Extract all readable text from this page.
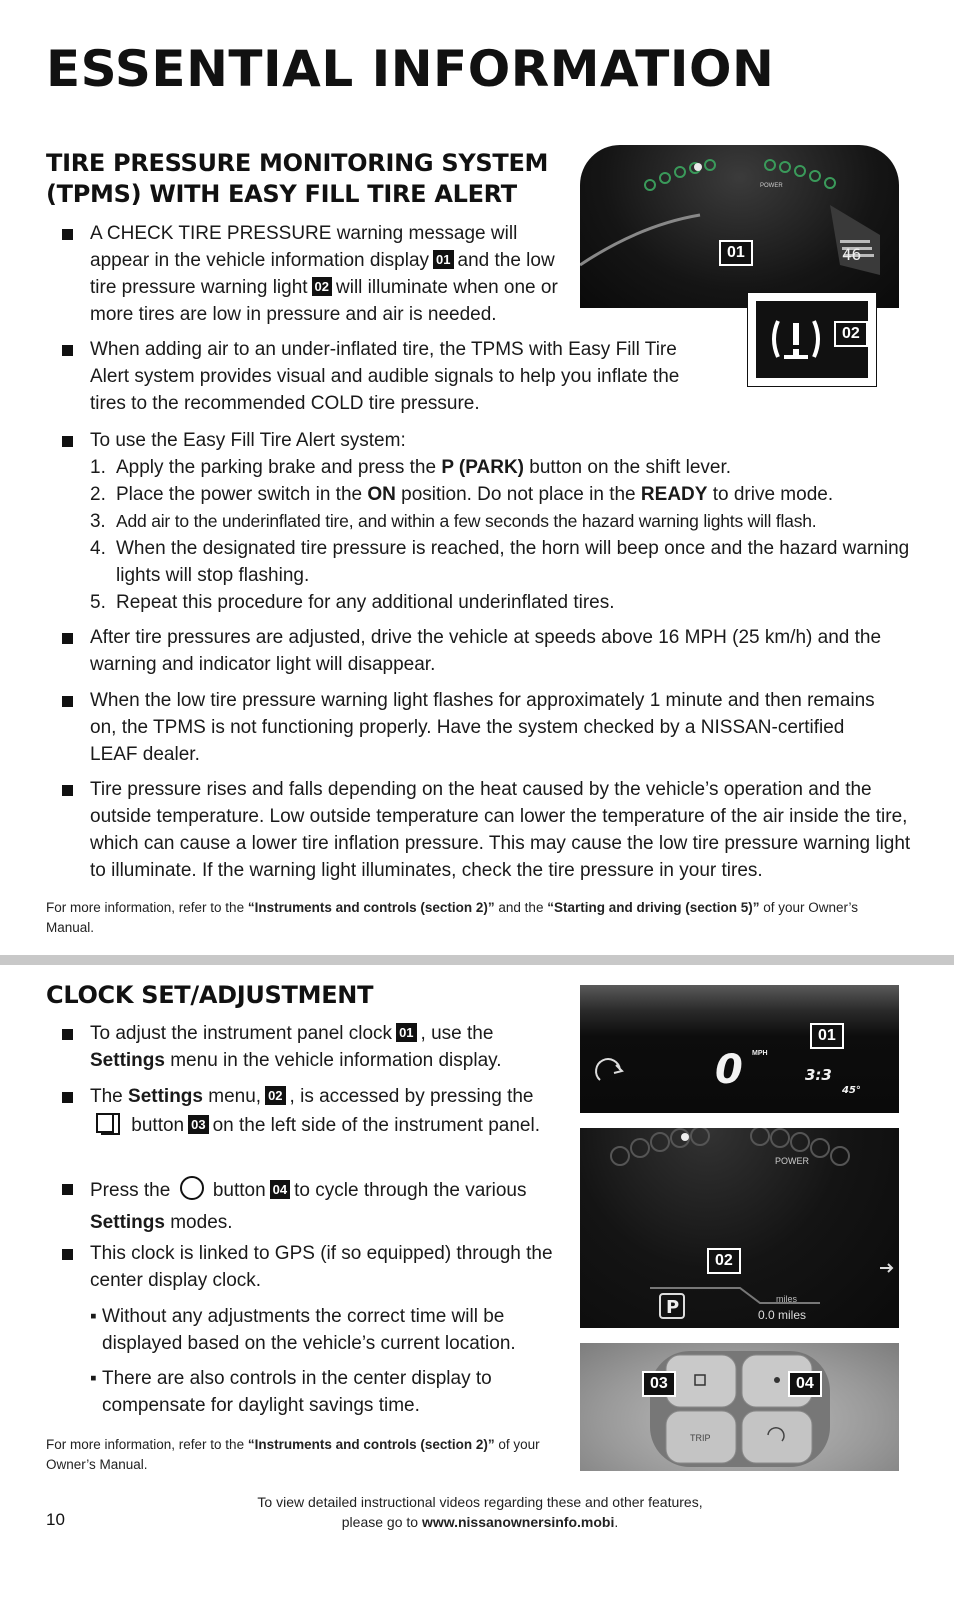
ESSENTIAL INFORMATION
TIRE PRESSURE MONITORING SYSTEM
(TPMS) WITH EASY FILL TIRE ALERT
A CHECK TIRE PRESSURE warning message will appear in the vehicle information display 01 and the low tire pressure warning light 02 will illuminate when one or more tires are low in pressure and air is needed.
When adding air to an under-inflated tire, the TPMS with Easy Fill Tire Alert system provides visual and audible signals to help you inflate the tires to the recommended COLD tire pressure.
To use the Easy Fill Tire Alert system:
1. Apply the parking brake and press the P (PARK) button on the shift lever.
2. Place the power switch in the ON position. Do not place in the READY to drive mode.
3. Add air to the underinflated tire, and within a few seconds the hazard warning lights will flash.
4. When the designated tire pressure is reached, the horn will beep once and the hazard warning lights will stop flashing.
5. Repeat this procedure for any additional underinflated tires.
After tire pressures are adjusted, drive the vehicle at speeds above 16 MPH (25 km/h) and the warning and indicator light will disappear.
When the low tire pressure warning light flashes for approximately 1 minute and then remains on, the TPMS is not functioning properly. Have the system checked by a NISSAN-certified LEAF dealer.
Tire pressure rises and falls depending on the heat caused by the vehicle’s operation and the outside temperature. Low outside temperature can lower the temperature of the air inside the tire, which can cause a lower tire inflation pressure. This may cause the low tire pressure warning light to illuminate. If the warning light illuminates, check the tire pressure in your tires.
For more information, refer to the “Instruments and controls (section 2)” and the “Starting and driving (section 5)” of your Owner’s Manual.
POWER
46
01
02
CLOCK SET/ADJUSTMENT
To adjust the instrument panel clock 01 , use the Settings menu in the vehicle information display.
The Settings menu, 02 , is accessed by pressing the  button 03 on the left side of the instrument panel.
Press the button 04 to cycle through the various Settings modes.
This clock is linked to GPS (if so equipped) through the center display clock.
▪ Without any adjustments the correct time will be displayed based on the vehicle’s current location.
▪ There are also controls in the center display to compensate for daylight savings time.
For more information, refer to the “Instruments and controls (section 2)” of your Owner’s Manual.
0 MPH
3:3
45°
01
POWER
P	miles
0.0 miles
02
TRIP
03	04
10
To view detailed instructional videos regarding these and other features,
please go to www.nissanownersinfo.mobi.
